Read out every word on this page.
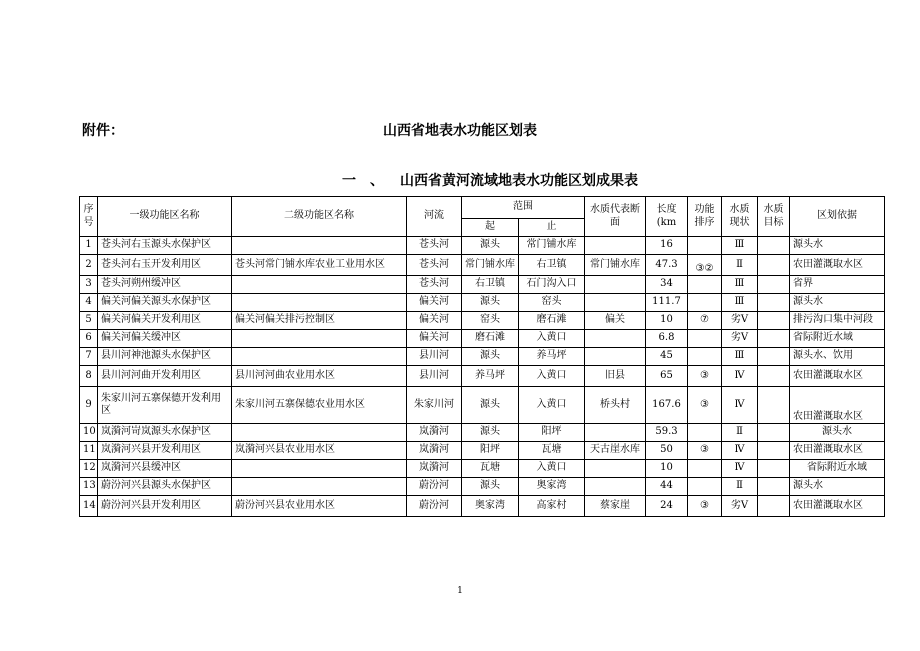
附件：	山西省地表水功能区划表
一 、 山西省黄河流域地表水功能区划成果表
序号	一级功能区名称	二级功能区名称	河流	范围		水质代表断面	长度(km	功能排序	水质现状	水质目标	区划依据
				起	止						
1	苍头河右玉源头水保护区		苍头河	源头	常门铺水库		16		Ⅲ		源头水
2	苍头河右玉开发利用区	苍头河常门铺水库农业工业用水区	苍头河	常门铺水库	右卫镇	常门铺水库	47.3	③②	Ⅱ		农田灌溉取水区
3	苍头河朔州缓冲区		苍头河	右卫镇	石门沟入口		34		Ⅲ		省界
4	偏关河偏关源头水保护区		偏关河	源头	窑头		111.7		Ⅲ		源头水
5	偏关河偏关开发利用区	偏关河偏关排污控制区	偏关河	窑头	磨石滩	偏关	10	⑦	劣Ⅴ		排污沟口集中河段
6	偏关河偏关缓冲区		偏关河	磨石滩	入黄口		6.8		劣Ⅴ		省际附近水域
7	县川河神池源头水保护区		县川河	源头	养马坪		45		Ⅲ		源头水、饮用
8	县川河河曲开发利用区	县川河河曲农业用水区	县川河	养马坪	入黄口	旧县	65	③	Ⅳ		农田灌溉取水区
9	朱家川河五寨保德开发利用区	朱家川河五寨保德农业用水区	朱家川河	源头	入黄口	桥头村	167.6	③	Ⅳ		农田灌溉取水区
10	岚漪河岢岚源头水保护区		岚漪河	源头	阳坪		59.3		Ⅱ		源头水
11	岚漪河兴县开发利用区	岚漪河兴县农业用水区	岚漪河	阳坪	瓦塘	天古崖水库	50	③	Ⅳ		农田灌溉取水区
12	岚漪河兴县缓冲区		岚漪河	瓦塘	入黄口		10		Ⅳ		省际附近水域
13	蔚汾河兴县源头水保护区		蔚汾河	源头	奥家湾		44		Ⅱ		源头水
14	蔚汾河兴县开发利用区	蔚汾河兴县农业用水区	蔚汾河	奥家湾	高家村	蔡家崖	24	③	劣Ⅴ		农田灌溉取水区
1
